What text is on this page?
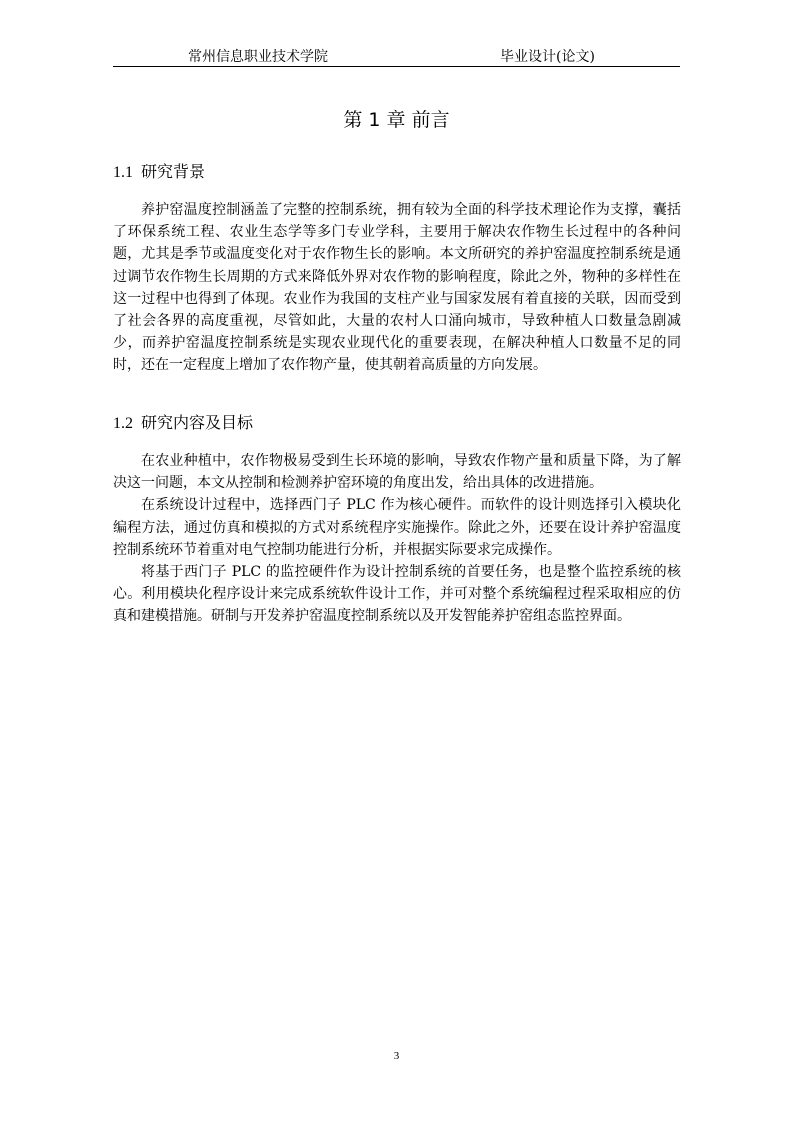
常州信息职业技术学院	毕业设计(论文)
第 1 章 前言
1.1 研究背景

养护窑温度控制涵盖了完整的控制系统，拥有较为全面的科学技术理论作为支撑，囊括了环保系统工程、农业生态学等多门专业学科，主要用于解决农作物生长过程中的各种问题，尤其是季节或温度变化对于农作物生长的影响。本文所研究的养护窑温度控制系统是通过调节农作物生长周期的方式来降低外界对农作物的影响程度，除此之外，物种的多样性在这一过程中也得到了体现。农业作为我国的支柱产业与国家发展有着直接的关联，因而受到了社会各界的高度重视，尽管如此，大量的农村人口涌向城市，导致种植人口数量急剧减少，而养护窑温度控制系统是实现农业现代化的重要表现，在解决种植人口数量不足的同时，还在一定程度上增加了农作物产量，使其朝着高质量的方向发展。

1.2 研究内容及目标

在农业种植中，农作物极易受到生长环境的影响，导致农作物产量和质量下降，为了解决这一问题，本文从控制和检测养护窑环境的角度出发，给出具体的改进措施。

在系统设计过程中，选择西门子 PLC 作为核心硬件。而软件的设计则选择引入模块化编程方法，通过仿真和模拟的方式对系统程序实施操作。除此之外，还要在设计养护窑温度控制系统环节着重对电气控制功能进行分析，并根据实际要求完成操作。

将基于西门子 PLC 的监控硬件作为设计控制系统的首要任务，也是整个监控系统的核心。利用模块化程序设计来完成系统软件设计工作，并可对整个系统编程过程采取相应的仿真和建模措施。研制与开发养护窑温度控制系统以及开发智能养护窑组态监控界面。

3
